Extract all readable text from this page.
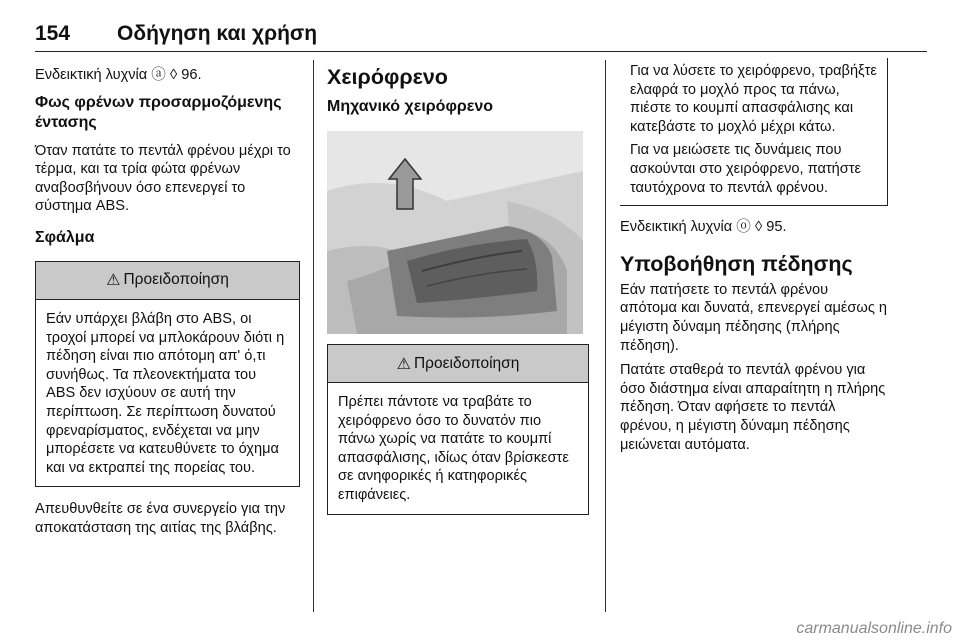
154 Οδήγηση και χρήση

Ενδεικτική λυχνία ⓐ ◊ 96.

Φως φρένων προσαρμοζόμενης έντασης

Όταν πατάτε το πεντάλ φρένου μέχρι το τέρμα, και τα τρία φώτα φρένων αναβοσβήνουν όσο επενεργεί το σύστημα ABS.

Σφάλμα
⚠ Προειδοποίηση
Εάν υπάρχει βλάβη στο ABS, οι τροχοί μπορεί να μπλοκάρουν διότι η πέδηση είναι πιο απότομη απ' ό,τι συνήθως. Τα πλεονεκτήματα του ABS δεν ισχύουν σε αυτή την περίπτωση. Σε περίπτωση δυνατού φρεναρίσματος, ενδέχεται να μην μπορέσετε να κατευθύνετε το όχημα και να εκτραπεί της πορείας του.

Απευθυνθείτε σε ένα συνεργείο για την αποκατάσταση της αιτίας της βλάβης.

Χειρόφρενο
Μηχανικό χειρόφρενο
⚠ Προειδοποίηση
Πρέπει πάντοτε να τραβάτε το χειρόφρενο όσο το δυνατόν πιο πάνω χωρίς να πατάτε το κουμπί απασφάλισης, ιδίως όταν βρίσκεστε σε ανηφορικές ή κατηφορικές επιφάνειες.

Για να λύσετε το χειρόφρενο, τραβήξτε ελαφρά το μοχλό προς τα πάνω, πιέστε το κουμπί απασφάλισης και κατεβάστε το μοχλό μέχρι κάτω.

Για να μειώσετε τις δυνάμεις που ασκούνται στο χειρόφρενο, πατήστε ταυτόχρονα το πεντάλ φρένου.

Ενδεικτική λυχνία ⓞ ◊ 95.

Υποβοήθηση πέδησης

Εάν πατήσετε το πεντάλ φρένου απότομα και δυνατά, επενεργεί αμέσως η μέγιστη δύναμη πέδησης (πλήρης πέδηση).

Πατάτε σταθερά το πεντάλ φρένου για όσο διάστημα είναι απαραίτητη η πλήρης πέδηση. Όταν αφήσετε το πεντάλ φρένου, η μέγιστη δύναμη πέδησης μειώνεται αυτόματα.

carmanualsonline.info
